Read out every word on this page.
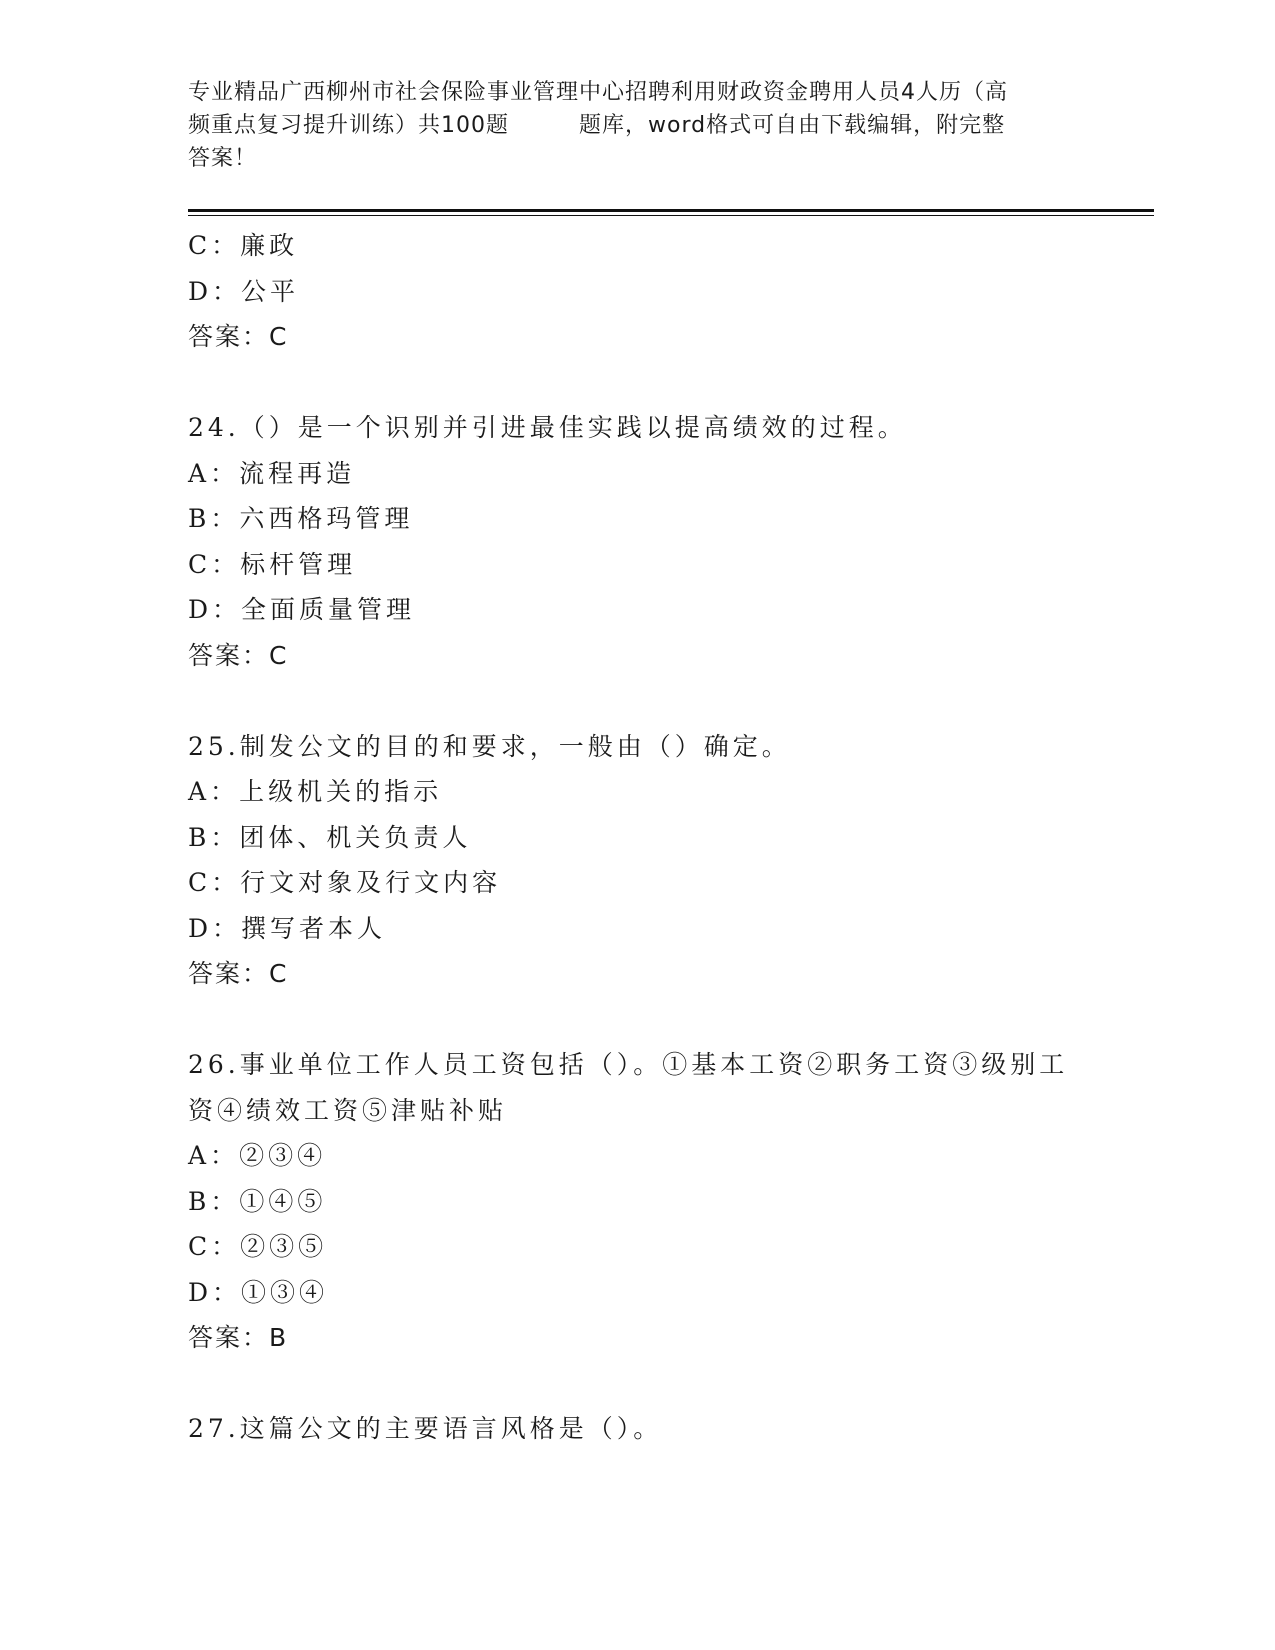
专业精品广西柳州市社会保险事业管理中心招聘利用财政资金聘用人员4人历（高
频重点复习提升训练）共100题	题库，word格式可自由下载编辑，附完整
答案！
C：廉政
D：公平
答案：C
24.（）是一个识别并引进最佳实践以提高绩效的过程。
A：流程再造
B：六西格玛管理
C：标杆管理
D：全面质量管理
答案：C
25.制发公文的目的和要求，一般由（）确定。
A：上级机关的指示
B：团体、机关负责人
C：行文对象及行文内容
D：撰写者本人
答案：C
26.事业单位工作人员工资包括（）。①基本工资②职务工资③级别工资④绩效工资⑤津贴补贴
A：②③④
B：①④⑤
C：②③⑤
D：①③④
答案：B
27.这篇公文的主要语言风格是（）。
